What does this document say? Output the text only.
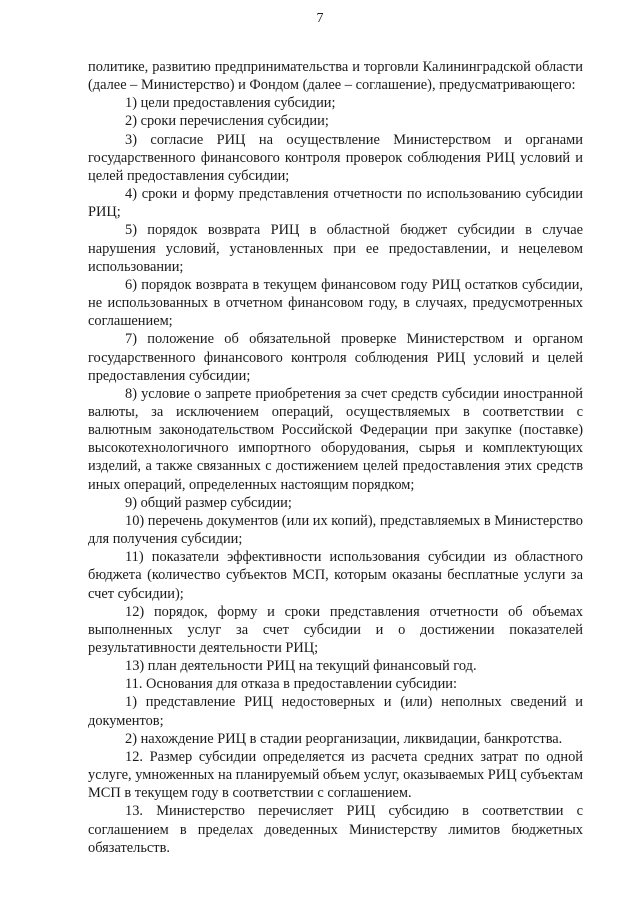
7

политике, развитию предпринимательства и торговли Калининградской области (далее – Министерство) и Фондом (далее – соглашение), предусматривающего:

1) цели предоставления субсидии;

2) сроки перечисления субсидии;

3) согласие РИЦ на осуществление Министерством и органами государственного финансового контроля проверок соблюдения РИЦ условий и целей предоставления субсидии;

4) сроки и форму представления отчетности по использованию субсидии РИЦ;

5) порядок возврата РИЦ в областной бюджет субсидии в случае нарушения условий, установленных при ее предоставлении, и нецелевом использовании;

6) порядок возврата в текущем финансовом году РИЦ остатков субсидии, не использованных в отчетном финансовом году, в случаях, предусмотренных соглашением;

7) положение об обязательной проверке Министерством и органом государственного финансового контроля соблюдения РИЦ условий и целей предоставления субсидии;

8) условие о запрете приобретения за счет средств субсидии иностранной валюты, за исключением операций, осуществляемых в соответствии с валютным законодательством Российской Федерации при закупке (поставке) высокотехнологичного импортного оборудования, сырья и комплектующих изделий, а также связанных с достижением целей предоставления этих средств иных операций, определенных настоящим порядком;

9) общий размер субсидии;

10) перечень документов (или их копий), представляемых в Министерство для получения субсидии;

11) показатели эффективности использования субсидии из областного бюджета (количество субъектов МСП, которым оказаны бесплатные услуги за счет субсидии);

12) порядок, форму и сроки представления отчетности об объемах выполненных услуг за счет субсидии и о достижении показателей результативности деятельности РИЦ;

13) план деятельности РИЦ на текущий финансовый год.

11. Основания для отказа в предоставлении субсидии:

1) представление РИЦ недостоверных и (или) неполных сведений и документов;

2) нахождение РИЦ в стадии реорганизации, ликвидации, банкротства.

12. Размер субсидии определяется из расчета средних затрат по одной услуге, умноженных на планируемый объем услуг, оказываемых РИЦ субъектам МСП в текущем году в соответствии с соглашением.

13. Министерство перечисляет РИЦ субсидию в соответствии с соглашением в пределах доведенных Министерству лимитов бюджетных обязательств.
